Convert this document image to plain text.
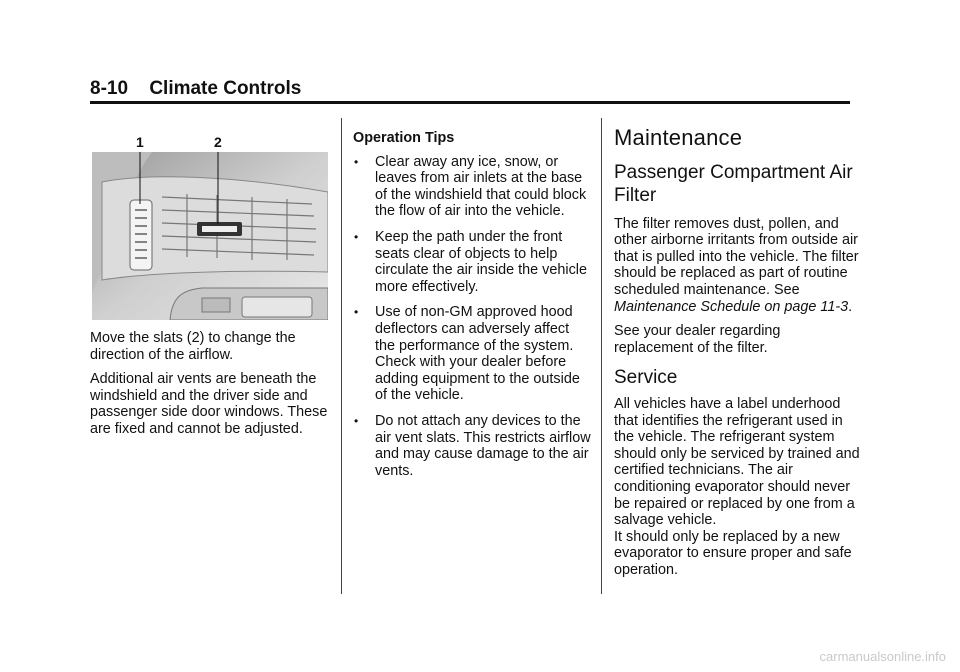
8-10 Climate Controls
1	2

Move the slats (2) to change the direction of the airflow.

Additional air vents are beneath the windshield and the driver side and passenger side door windows. These are fixed and cannot be adjusted.

Operation Tips
• Clear away any ice, snow, or leaves from air inlets at the base of the windshield that could block the flow of air into the vehicle.
• Keep the path under the front seats clear of objects to help circulate the air inside the vehicle more effectively.
• Use of non-GM approved hood deflectors can adversely affect the performance of the system. Check with your dealer before adding equipment to the outside of the vehicle.
• Do not attach any devices to the air vent slats. This restricts airflow and may cause damage to the air vents.
Maintenance
Passenger Compartment Air Filter

The filter removes dust, pollen, and other airborne irritants from outside air that is pulled into the vehicle. The filter should be replaced as part of routine scheduled maintenance. See Maintenance Schedule on page 11-3.

See your dealer regarding replacement of the filter.

Service

All vehicles have a label underhood that identifies the refrigerant used in the vehicle. The refrigerant system should only be serviced by trained and certified technicians. The air conditioning evaporator should never be repaired or replaced by one from a salvage vehicle.

It should only be replaced by a new evaporator to ensure proper and safe operation.

carmanualsonline.info
